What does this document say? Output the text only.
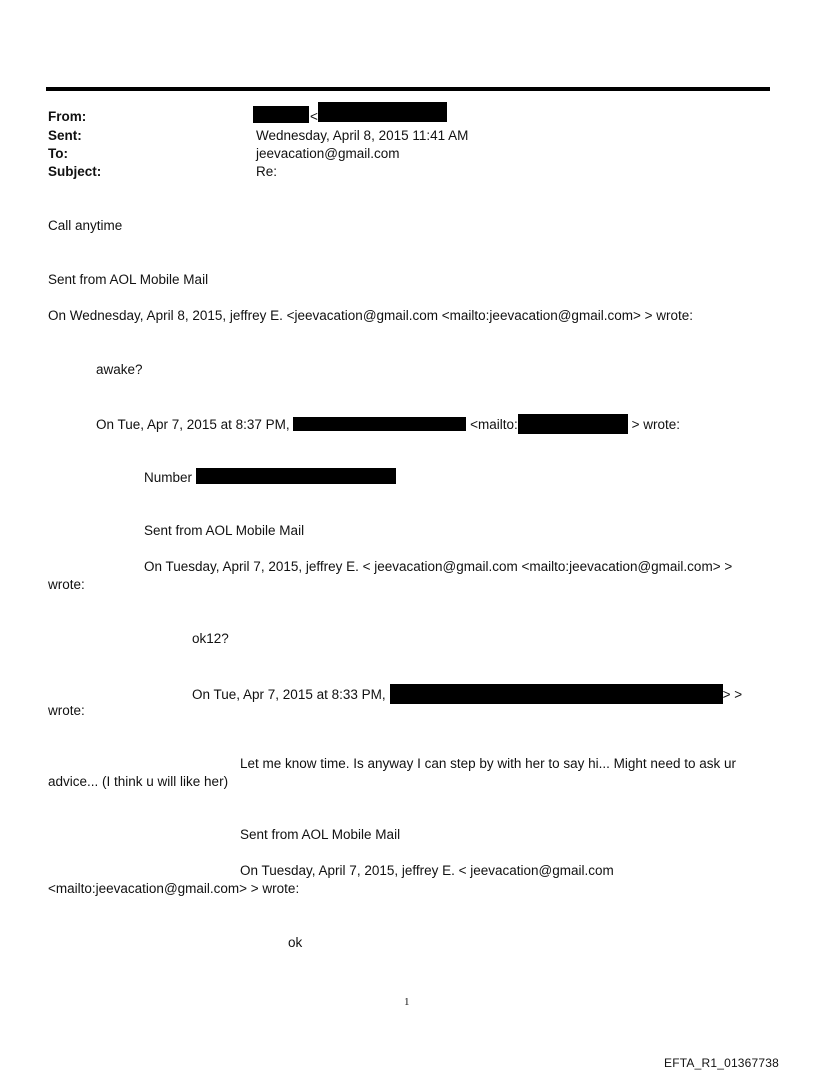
From:	<
Sent:	Wednesday, April 8, 2015 11:41 AM
To:	jeevacation@gmail.com
Subject:	Re:
Call anytime
Sent from AOL Mobile Mail
On Wednesday, April 8, 2015, jeffrey E. <jeevacation@gmail.com <mailto:jeevacation@gmail.com> > wrote:
awake?
On Tue, Apr 7, 2015 at 8:37 PM,	<mailto:	> wrote:
Number
Sent from AOL Mobile Mail
On Tuesday, April 7, 2015, jeffrey E. < jeevacation@gmail.com <mailto:jeevacation@gmail.com> >
wrote:
ok12?
On Tue, Apr 7, 2015 at 8:33 PM,	> >
wrote:
Let me know time. Is anyway I can step by with her to say hi... Might need to ask ur
advice... (I think u will like her)
Sent from AOL Mobile Mail
On Tuesday, April 7, 2015, jeffrey E. < jeevacation@gmail.com
<mailto:jeevacation@gmail.com> > wrote:
ok
1
EFTA_R1_01367738
